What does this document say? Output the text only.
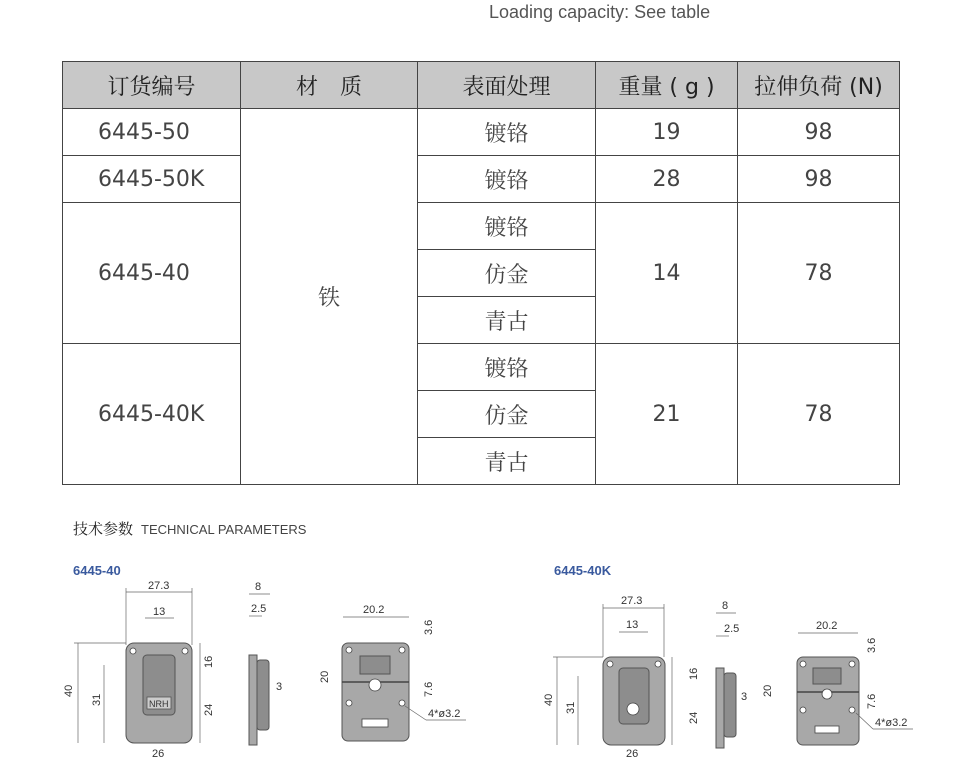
Loading capacity: See table
订货编号	材　质	表面处理	重量 ( g )	拉伸负荷 (N)
6445-50	铁	镀铬	19	98
6445-50K		镀铬	28	98
6445-40		镀铬	14	78
		仿金		
		青古		
6445-40K		镀铬	21	78
		仿金		
		青古		
技术参数 TECHNICAL PARAMETERS
6445-40	6445-40K
27.3
13
NRH
16
24
40
31
26
8
2.5
3
20.2
3.6
20
7.6
4*ø3.2
27.3
13
16
24
40
31
26
8
2.5
3
20.2
3.6
20
7.6
4*ø3.2
